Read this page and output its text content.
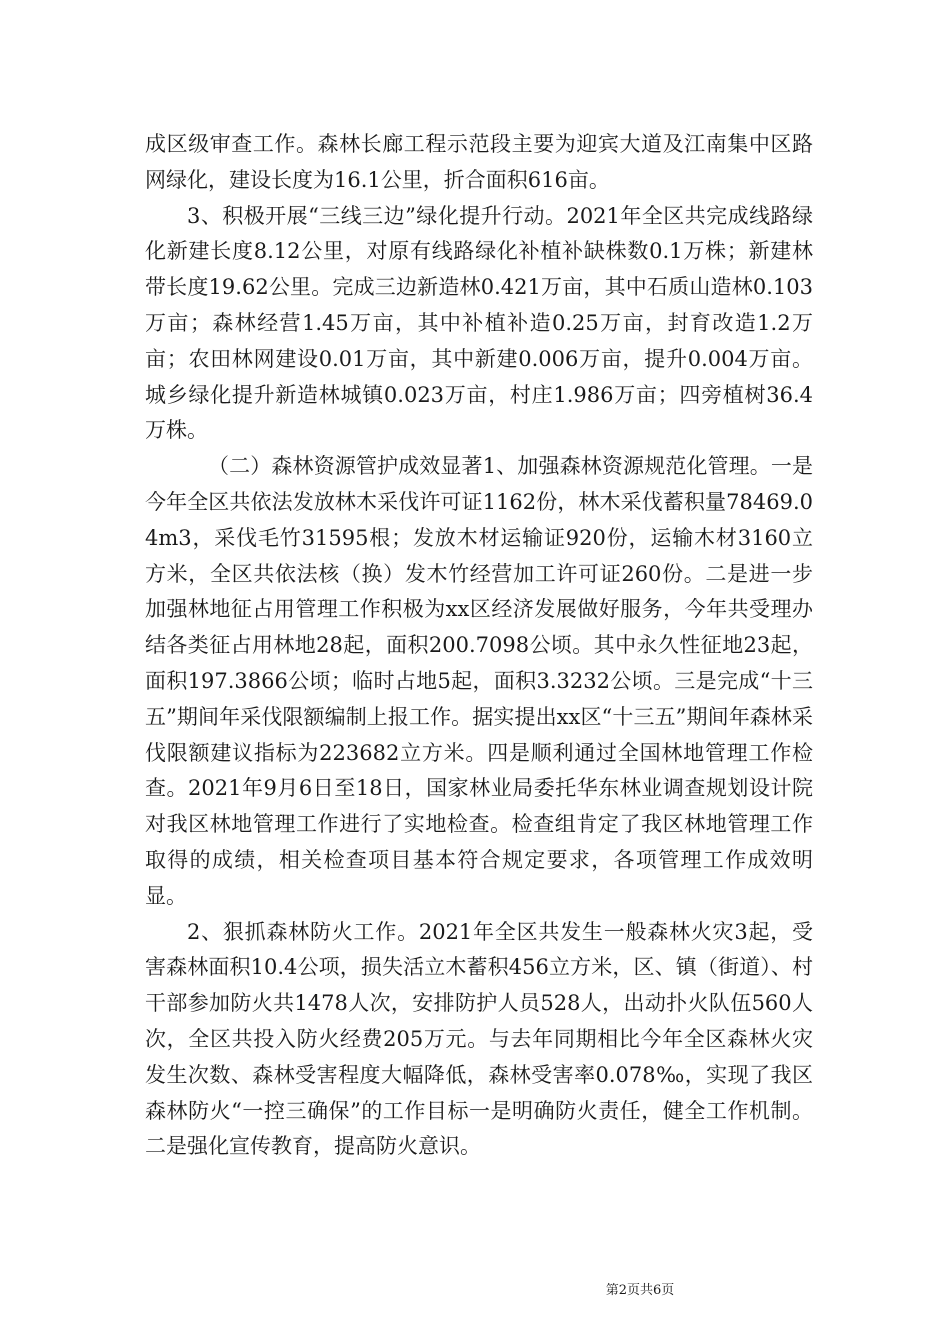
成区级审查工作。森林长廊工程示范段主要为迎宾大道及江南集中区路网绿化，建设长度为16.1公里，折合面积616亩。

3、积极开展“三线三边”绿化提升行动。2021年全区共完成线路绿化新建长度8.12公里，对原有线路绿化补植补缺株数0.1万株；新建林带长度19.62公里。完成三边新造林0.421万亩，其中石质山造林0.103万亩；森林经营1.45万亩，其中补植补造0.25万亩，封育改造1.2万亩；农田林网建设0.01万亩，其中新建0.006万亩，提升0.004万亩。城乡绿化提升新造林城镇0.023万亩，村庄1.986万亩；四旁植树36.4万株。

（二）森林资源管护成效显著1、加强森林资源规范化管理。一是今年全区共依法发放林木采伐许可证1162份，林木采伐蓄积量78469.04m3，采伐毛竹31595根；发放木材运输证920份，运输木材3160立方米，全区共依法核（换）发木竹经营加工许可证260份。二是进一步加强林地征占用管理工作积极为xx区经济发展做好服务，今年共受理办结各类征占用林地28起，面积200.7098公顷。其中永久性征地23起，面积197.3866公顷；临时占地5起，面积3.3232公顷。三是完成“十三五”期间年采伐限额编制上报工作。据实提出xx区“十三五”期间年森林采伐限额建议指标为223682立方米。四是顺利通过全国林地管理工作检查。2021年9月6日至18日，国家林业局委托华东林业调查规划设计院对我区林地管理工作进行了实地检查。检查组肯定了我区林地管理工作取得的成绩，相关检查项目基本符合规定要求，各项管理工作成效明显。

2、狠抓森林防火工作。2021年全区共发生一般森林火灾3起，受害森林面积10.4公项，损失活立木蓄积456立方米，区、镇（街道）、村干部参加防火共1478人次，安排防护人员528人，出动扑火队伍560人次，全区共投入防火经费205万元。与去年同期相比今年全区森林火灾发生次数、森林受害程度大幅降低，森林受害率0.078‰，实现了我区森林防火“一控三确保”的工作目标一是明确防火责任，健全工作机制。二是强化宣传教育，提高防火意识。

第2页共6页
